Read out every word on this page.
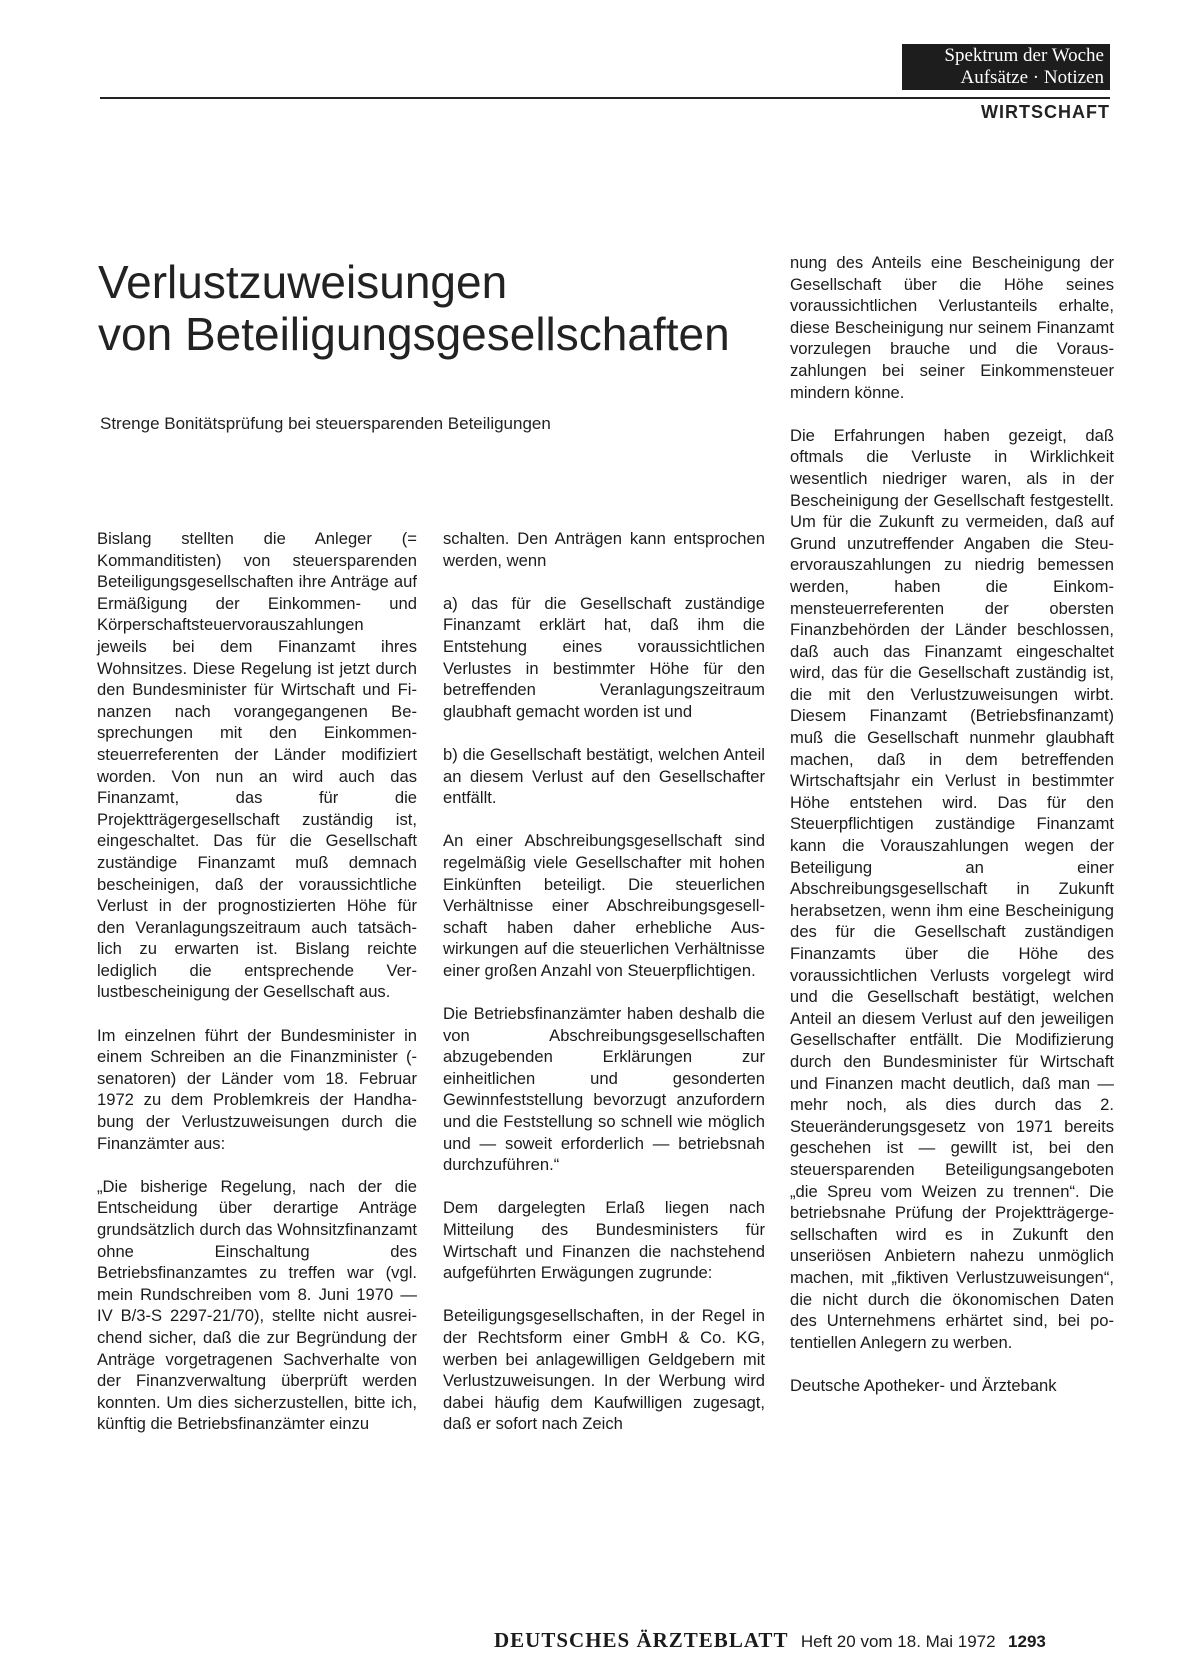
Spektrum der Woche
Aufsätze · Notizen
WIRTSCHAFT
Verlustzuweisungen
von Beteiligungsgesellschaften
Strenge Bonitätsprüfung bei steuersparenden Beteiligungen

Bislang stellten die Anleger (= Kommanditisten) von steuersparenden Beteiligungsgesellschaften ihre Anträge auf Ermäßigung der Einkommen- und Körperschaftsteuervorauszahlungen jeweils bei dem Finanzamt ihres Wohnsitzes. Diese Regelung ist jetzt durch den Bundesminister für Wirtschaft und Finanzen nach vorangegangenen Besprechungen mit den Einkommensteuerreferenten der Länder modifiziert worden. Von nun an wird auch das Finanzamt, das für die Projektträgergesellschaft zuständig ist, eingeschaltet. Das für die Gesellschaft zuständige Finanzamt muß demnach bescheinigen, daß der voraussichtliche Verlust in der prognostizierten Höhe für den Veranlagungszeitraum auch tatsächlich zu erwarten ist. Bislang reichte lediglich die entsprechende Verlustbescheinigung der Gesellschaft aus.

Im einzelnen führt der Bundesminister in einem Schreiben an die Finanzminister (-senatoren) der Länder vom 18. Februar 1972 zu dem Problemkreis der Handhabung der Verlustzuweisungen durch die Finanzämter aus:

„Die bisherige Regelung, nach der die Entscheidung über derartige Anträge grundsätzlich durch das Wohnsitzfinanzamt ohne Einschaltung des Betriebsfinanzamtes zu treffen war (vgl. mein Rundschreiben vom 8. Juni 1970 — IV B/3-S 2297-21/70), stellte nicht ausreichend sicher, daß die zur Begründung der Anträge vorgetragenen Sachverhalte von der Finanzverwaltung überprüft werden konnten. Um dies sicherzustellen, bitte ich, künftig die Betriebsfinanzämter einzu

schalten. Den Anträgen kann entsprochen werden, wenn

a) das für die Gesellschaft zuständige Finanzamt erklärt hat, daß ihm die Entstehung eines voraussichtlichen Verlustes in bestimmter Höhe für den betreffenden Veranlagungszeitraum glaubhaft gemacht worden ist und

b) die Gesellschaft bestätigt, welchen Anteil an diesem Verlust auf den Gesellschafter entfällt.

An einer Abschreibungsgesellschaft sind regelmäßig viele Gesellschafter mit hohen Einkünften beteiligt. Die steuerlichen Verhältnisse einer Abschreibungsgesellschaft haben daher erhebliche Auswirkungen auf die steuerlichen Verhältnisse einer großen Anzahl von Steuerpflichtigen.

Die Betriebsfinanzämter haben deshalb die von Abschreibungsgesellschaften abzugebenden Erklärungen zur einheitlichen und gesonderten Gewinnfeststellung bevorzugt anzufordern und die Feststellung so schnell wie möglich und — soweit erforderlich — betriebsnah durchzuführen.“

Dem dargelegten Erlaß liegen nach Mitteilung des Bundesministers für Wirtschaft und Finanzen die nachstehend aufgeführten Erwägungen zugrunde:

Beteiligungsgesellschaften, in der Regel in der Rechtsform einer GmbH & Co. KG, werben bei anlagewilligen Geldgebern mit Verlustzuweisungen. In der Werbung wird dabei häufig dem Kaufwilligen zugesagt, daß er sofort nach Zeich

nung des Anteils eine Bescheinigung der Gesellschaft über die Höhe seines voraussichtlichen Verlustanteils erhalte, diese Bescheinigung nur seinem Finanzamt vorzulegen brauche und die Vorauszahlungen bei seiner Einkommensteuer mindern könne.

Die Erfahrungen haben gezeigt, daß oftmals die Verluste in Wirklichkeit wesentlich niedriger waren, als in der Bescheinigung der Gesellschaft festgestellt. Um für die Zukunft zu vermeiden, daß auf Grund unzutreffender Angaben die Steuervorauszahlungen zu niedrig bemessen werden, haben die Einkommensteuerreferenten der obersten Finanzbehörden der Länder beschlossen, daß auch das Finanzamt eingeschaltet wird, das für die Gesellschaft zuständig ist, die mit den Verlustzuweisungen wirbt. Diesem Finanzamt (Betriebsfinanzamt) muß die Gesellschaft nunmehr glaubhaft machen, daß in dem betreffenden Wirtschaftsjahr ein Verlust in bestimmter Höhe entstehen wird. Das für den Steuerpflichtigen zuständige Finanzamt kann die Vorauszahlungen wegen der Beteiligung an einer Abschreibungsgesellschaft in Zukunft herabsetzen, wenn ihm eine Bescheinigung des für die Gesellschaft zuständigen Finanzamts über die Höhe des voraussichtlichen Verlusts vorgelegt wird und die Gesellschaft bestätigt, welchen Anteil an diesem Verlust auf den jeweiligen Gesellschafter entfällt. Die Modifizierung durch den Bundesminister für Wirtschaft und Finanzen macht deutlich, daß man — mehr noch, als dies durch das 2. Steueränderungsgesetz von 1971 bereits geschehen ist — gewillt ist, bei den steuersparenden Beteiligungsangeboten „die Spreu vom Weizen zu trennen“. Die betriebsnahe Prüfung der Projektträgergesellschaften wird es in Zukunft den unseriösen Anbietern nahezu unmöglich machen, mit „fiktiven Verlustzuweisungen“, die nicht durch die ökonomischen Daten des Unternehmens erhärtet sind, bei potentiellen Anlegern zu werben.

Deutsche Apotheker- und Ärztebank

DEUTSCHES ÄRZTEBLATT Heft 20 vom 18. Mai 1972 1293
